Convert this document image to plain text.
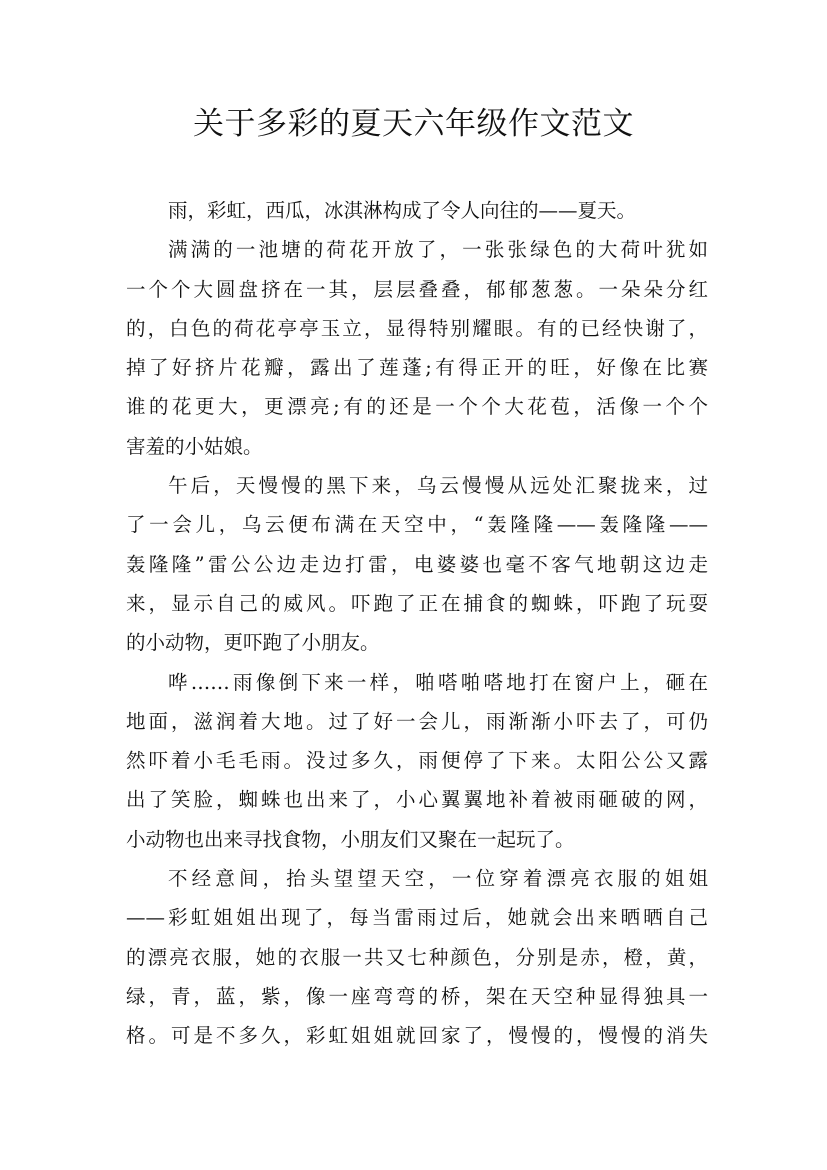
关于多彩的夏天六年级作文范文
雨，彩虹，西瓜，冰淇淋构成了令人向往的——夏天。
满满的一池塘的荷花开放了，一张张绿色的大荷叶犹如
一个个大圆盘挤在一其，层层叠叠，郁郁葱葱。一朵朵分红
的，白色的荷花亭亭玉立，显得特别耀眼。有的已经快谢了，
掉了好挤片花瓣，露出了莲蓬;有得正开的旺，好像在比赛
谁的花更大，更漂亮;有的还是一个个大花苞，活像一个个
害羞的小姑娘。
午后，天慢慢的黑下来，乌云慢慢从远处汇聚拢来，过
了一会儿，乌云便布满在天空中，“轰隆隆——轰隆隆——
轰隆隆”雷公公边走边打雷，电婆婆也毫不客气地朝这边走
来，显示自己的威风。吓跑了正在捕食的蜘蛛，吓跑了玩耍
的小动物，更吓跑了小朋友。
哗……雨像倒下来一样，啪嗒啪嗒地打在窗户上，砸在
地面，滋润着大地。过了好一会儿，雨渐渐小吓去了，可仍
然吓着小毛毛雨。没过多久，雨便停了下来。太阳公公又露
出了笑脸，蜘蛛也出来了，小心翼翼地补着被雨砸破的网，
小动物也出来寻找食物，小朋友们又聚在一起玩了。
不经意间，抬头望望天空，一位穿着漂亮衣服的姐姐
——彩虹姐姐出现了，每当雷雨过后，她就会出来晒晒自己
的漂亮衣服，她的衣服一共又七种颜色，分别是赤，橙，黄，
绿，青，蓝，紫，像一座弯弯的桥，架在天空种显得独具一
格。可是不多久，彩虹姐姐就回家了，慢慢的，慢慢的消失
